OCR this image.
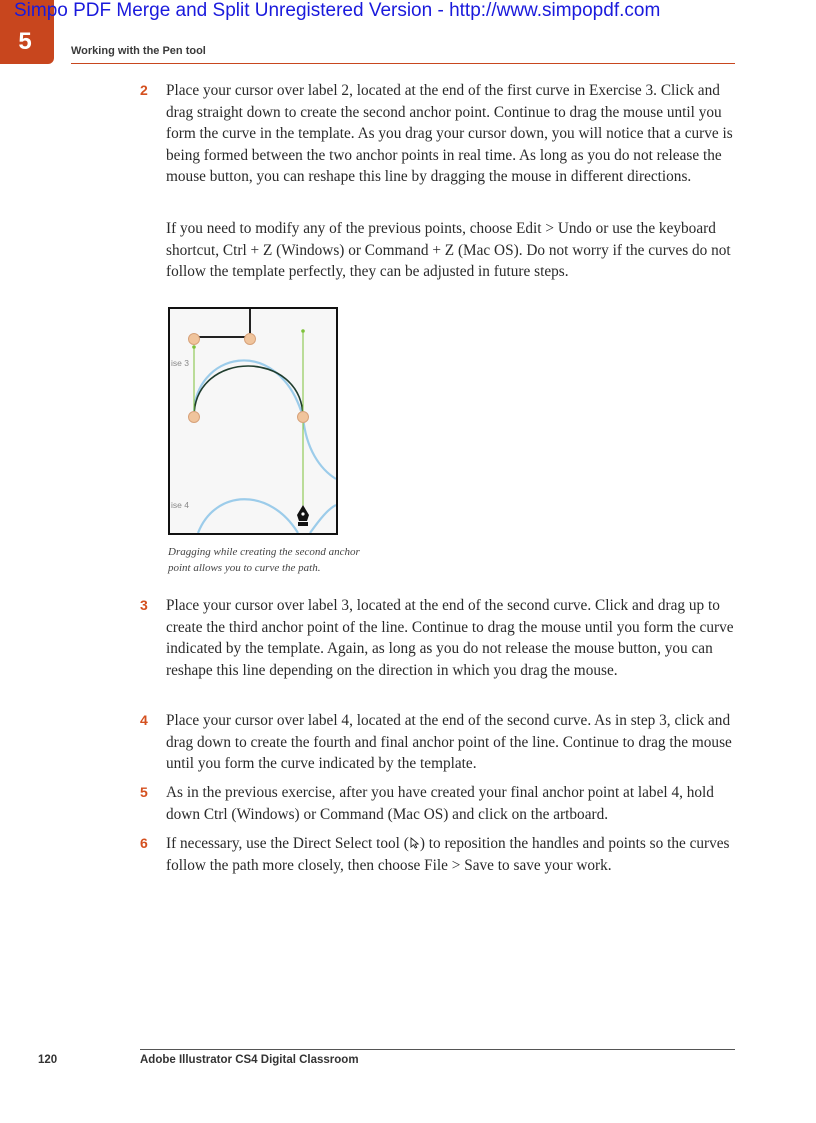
Simpo PDF Merge and Split Unregistered Version - http://www.simpopdf.com
5	Working with the Pen tool
2 Place your cursor over label 2, located at the end of the first curve in Exercise 3. Click and drag straight down to create the second anchor point. Continue to drag the mouse until you form the curve in the template. As you drag your cursor down, you will notice that a curve is being formed between the two anchor points in real time. As long as you do not release the mouse button, you can reshape this line by dragging the mouse in different directions.
If you need to modify any of the previous points, choose Edit > Undo or use the keyboard shortcut, Ctrl + Z (Windows) or Command + Z (Mac OS). Do not worry if the curves do not follow the template perfectly, they can be adjusted in future steps.
ise 3
ise 4
Dragging while creating the second anchor point allows you to curve the path.
3 Place your cursor over label 3, located at the end of the second curve. Click and drag up to create the third anchor point of the line. Continue to drag the mouse until you form the curve indicated by the template. Again, as long as you do not release the mouse button, you can reshape this line depending on the direction in which you drag the mouse.
4 Place your cursor over label 4, located at the end of the second curve. As in step 3, click and drag down to create the fourth and final anchor point of the line. Continue to drag the mouse until you form the curve indicated by the template.
5 As in the previous exercise, after you have created your final anchor point at label 4, hold down Ctrl (Windows) or Command (Mac OS) and click on the artboard.
6 If necessary, use the Direct Select tool ( ) to reposition the handles and points so the curves follow the path more closely, then choose File > Save to save your work.
120	Adobe Illustrator CS4 Digital Classroom
